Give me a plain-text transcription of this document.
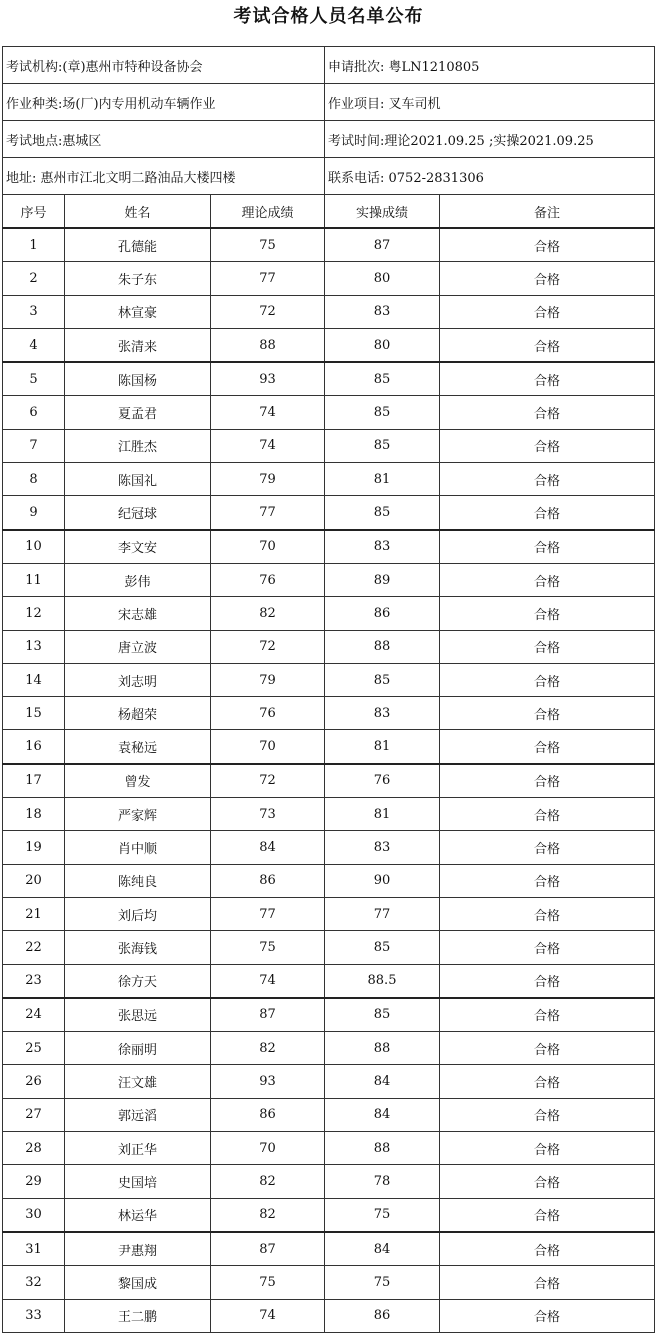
考试合格人员名单公布
考试机构:(章)惠州市特种设备协会			申请批次: 粤LN1210805	
作业种类:场(厂)内专用机动车辆作业			作业项目: 叉车司机	
考试地点:惠城区			考试时间:理论2021.09.25 ;实操2021.09.25	
地址: 惠州市江北文明二路油品大楼四楼			联系电话: 0752-2831306	
序号	姓名	理论成绩	实操成绩	备注
1	孔德能	75	87	合格
2	朱子东	77	80	合格
3	林宣豪	72	83	合格
4	张清来	88	80	合格
5	陈国杨	93	85	合格
6	夏孟君	74	85	合格
7	江胜杰	74	85	合格
8	陈国礼	79	81	合格
9	纪冠球	77	85	合格
10	李文安	70	83	合格
11	彭伟	76	89	合格
12	宋志雄	82	86	合格
13	唐立波	72	88	合格
14	刘志明	79	85	合格
15	杨超荣	76	83	合格
16	袁秘远	70	81	合格
17	曾发	72	76	合格
18	严家辉	73	81	合格
19	肖中顺	84	83	合格
20	陈纯良	86	90	合格
21	刘后均	77	77	合格
22	张海钱	75	85	合格
23	徐方天	74	88.5	合格
24	张思远	87	85	合格
25	徐丽明	82	88	合格
26	汪文雄	93	84	合格
27	郭远滔	86	84	合格
28	刘正华	70	88	合格
29	史国培	82	78	合格
30	林运华	82	75	合格
31	尹惠翔	87	84	合格
32	黎国成	75	75	合格
33	王二鹏	74	86	合格
